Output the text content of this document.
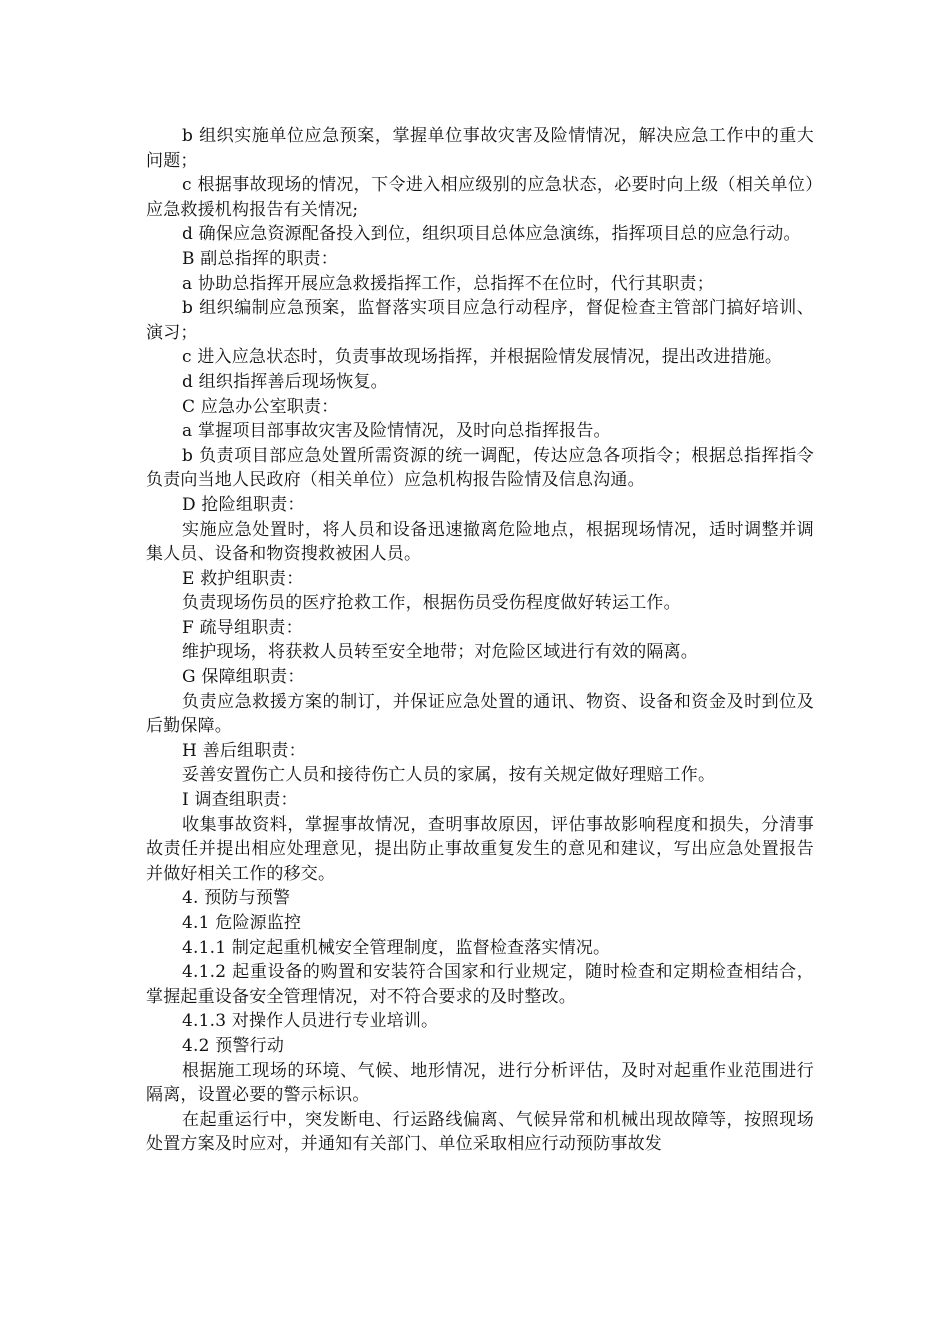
b 组织实施单位应急预案，掌握单位事故灾害及险情情况，解决应急工作中的重大问题；

c 根据事故现场的情况，下令进入相应级别的应急状态，必要时向上级（相关单位）应急救援机构报告有关情况;

d 确保应急资源配备投入到位，组织项目总体应急演练，指挥项目总的应急行动。

B 副总指挥的职责：

a 协助总指挥开展应急救援指挥工作，总指挥不在位时，代行其职责；

b 组织编制应急预案，监督落实项目应急行动程序，督促检查主管部门搞好培训、演习；

c 进入应急状态时，负责事故现场指挥，并根据险情发展情况，提出改进措施。

d 组织指挥善后现场恢复。

C 应急办公室职责：

a 掌握项目部事故灾害及险情情况，及时向总指挥报告。

b 负责项目部应急处置所需资源的统一调配，传达应急各项指令；根据总指挥指令负责向当地人民政府（相关单位）应急机构报告险情及信息沟通。

D 抢险组职责：

实施应急处置时，将人员和设备迅速撤离危险地点，根据现场情况，适时调整并调集人员、设备和物资搜救被困人员。

E 救护组职责：

负责现场伤员的医疗抢救工作，根据伤员受伤程度做好转运工作。

F 疏导组职责：

维护现场，将获救人员转至安全地带；对危险区域进行有效的隔离。

G 保障组职责：

负责应急救援方案的制订，并保证应急处置的通讯、物资、设备和资金及时到位及后勤保障。

H 善后组职责：

妥善安置伤亡人员和接待伤亡人员的家属，按有关规定做好理赔工作。

I 调查组职责：

收集事故资料，掌握事故情况，查明事故原因，评估事故影响程度和损失，分清事故责任并提出相应处理意见，提出防止事故重复发生的意见和建议，写出应急处置报告并做好相关工作的移交。

4. 预防与预警

4.1 危险源监控

4.1.1 制定起重机械安全管理制度，监督检查落实情况。

4.1.2 起重设备的购置和安装符合国家和行业规定，随时检查和定期检查相结合，掌握起重设备安全管理情况，对不符合要求的及时整改。

4.1.3 对操作人员进行专业培训。

4.2 预警行动

根据施工现场的环境、气候、地形情况，进行分析评估，及时对起重作业范围进行隔离，设置必要的警示标识。

在起重运行中，突发断电、行运路线偏离、气候异常和机械出现故障等，按照现场处置方案及时应对，并通知有关部门、单位采取相应行动预防事故发
